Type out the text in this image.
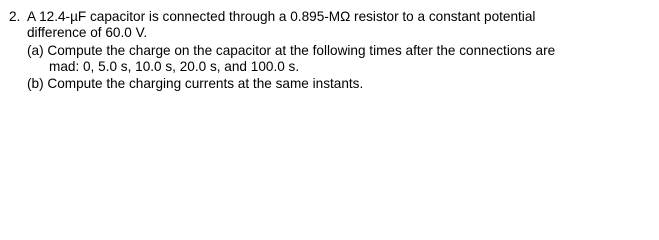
2. A 12.4-µF capacitor is connected through a 0.895-MΩ resistor to a constant potential
difference of 60.0 V.
(a) Compute the charge on the capacitor at the following times after the connections are
mad: 0, 5.0 s, 10.0 s, 20.0 s, and 100.0 s.
(b) Compute the charging currents at the same instants.
